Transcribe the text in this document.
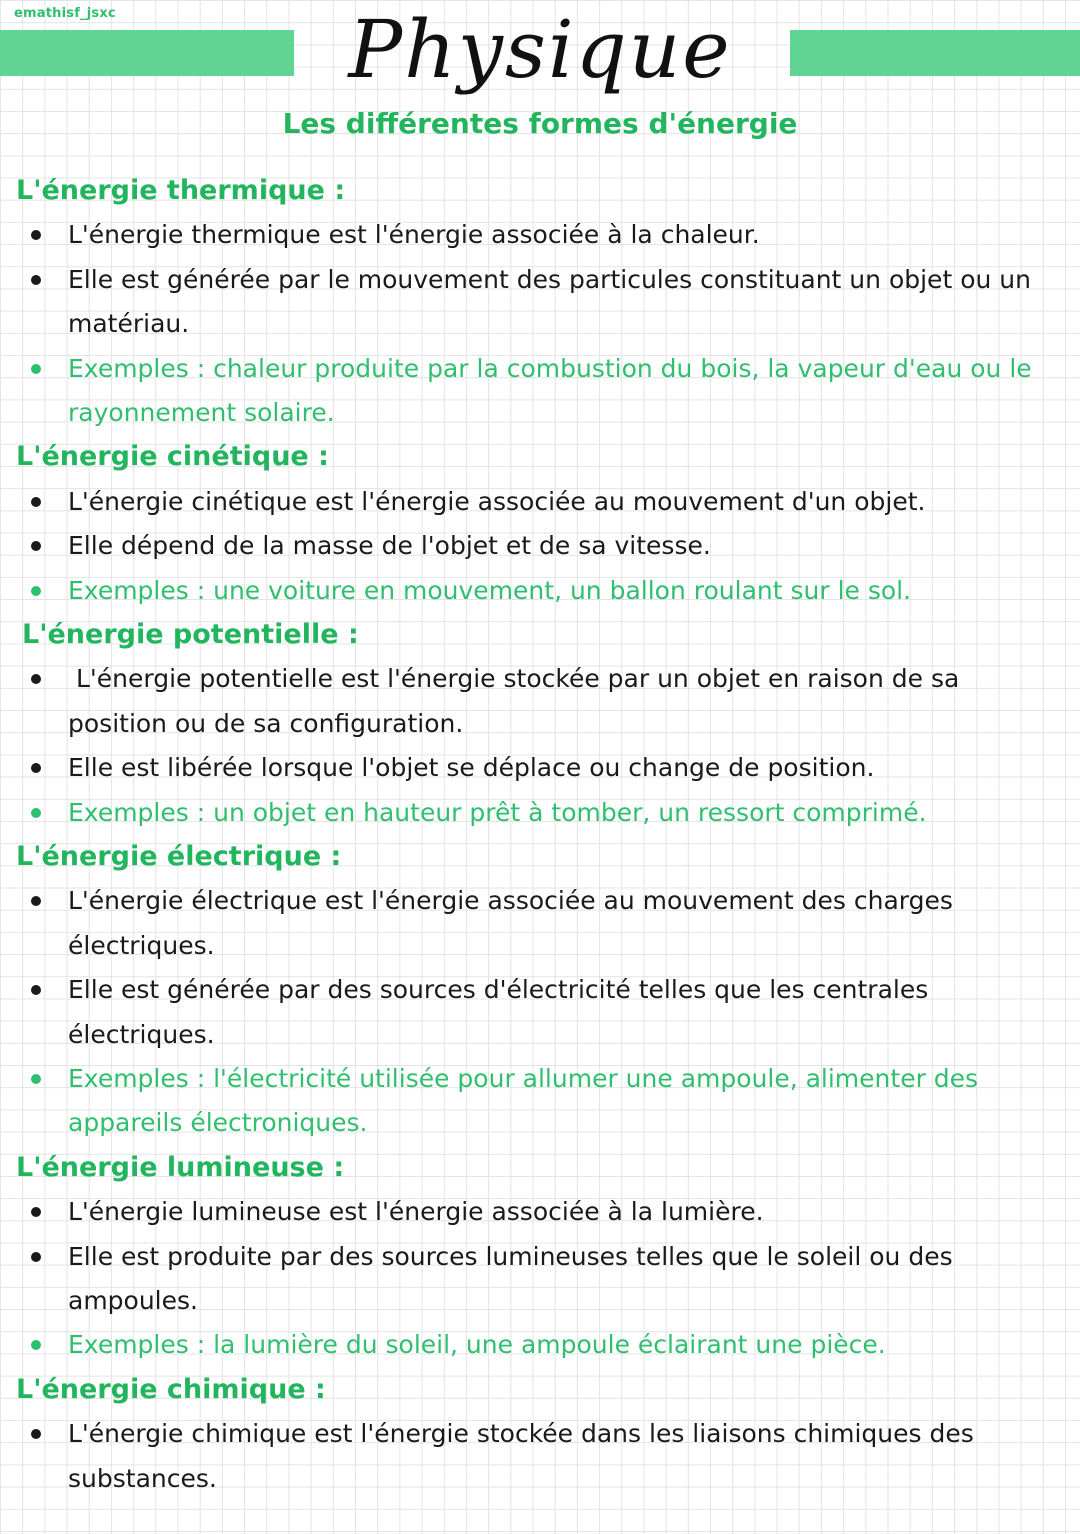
emathisf_jsxc	Physique
Les différentes formes d'énergie
L'énergie thermique :
L'énergie thermique est l'énergie associée à la chaleur.
Elle est générée par le mouvement des particules constituant un objet ou un matériau.
Exemples : chaleur produite par la combustion du bois, la vapeur d'eau ou le rayonnement solaire.
L'énergie cinétique :
L'énergie cinétique est l'énergie associée au mouvement d'un objet.
Elle dépend de la masse de l'objet et de sa vitesse.
Exemples : une voiture en mouvement, un ballon roulant sur le sol.
L'énergie potentielle :
L'énergie potentielle est l'énergie stockée par un objet en raison de sa position ou de sa configuration.
Elle est libérée lorsque l'objet se déplace ou change de position.
Exemples : un objet en hauteur prêt à tomber, un ressort comprimé.
L'énergie électrique :
L'énergie électrique est l'énergie associée au mouvement des charges électriques.
Elle est générée par des sources d'électricité telles que les centrales électriques.
Exemples : l'électricité utilisée pour allumer une ampoule, alimenter des appareils électroniques.
L'énergie lumineuse :
L'énergie lumineuse est l'énergie associée à la lumière.
Elle est produite par des sources lumineuses telles que le soleil ou des ampoules.
Exemples : la lumière du soleil, une ampoule éclairant une pièce.
L'énergie chimique :
L'énergie chimique est l'énergie stockée dans les liaisons chimiques des substances.
